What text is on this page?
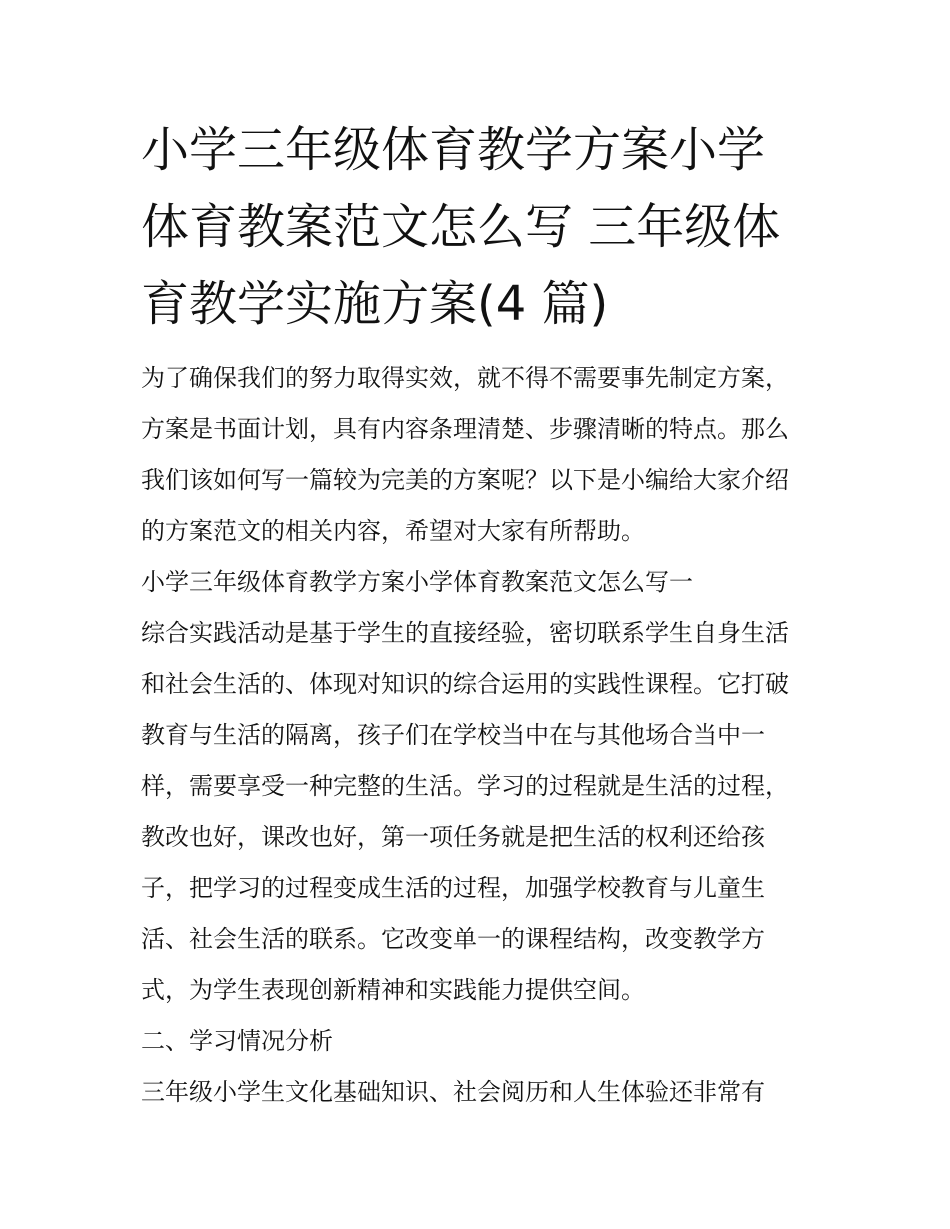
小学三年级体育教学方案小学
体育教案范文怎么写 三年级体
育教学实施方案(4 篇)
为了确保我们的努力取得实效，就不得不需要事先制定方案，
方案是书面计划，具有内容条理清楚、步骤清晰的特点。那么
我们该如何写一篇较为完美的方案呢？以下是小编给大家介绍
的方案范文的相关内容，希望对大家有所帮助。
小学三年级体育教学方案小学体育教案范文怎么写一
综合实践活动是基于学生的直接经验，密切联系学生自身生活
和社会生活的、体现对知识的综合运用的实践性课程。它打破
教育与生活的隔离，孩子们在学校当中在与其他场合当中一
样，需要享受一种完整的生活。学习的过程就是生活的过程，
教改也好，课改也好，第一项任务就是把生活的权利还给孩
子，把学习的过程变成生活的过程，加强学校教育与儿童生
活、社会生活的联系。它改变单一的课程结构，改变教学方
式，为学生表现创新精神和实践能力提供空间。
二、学习情况分析
三年级小学生文化基础知识、社会阅历和人生体验还非常有
